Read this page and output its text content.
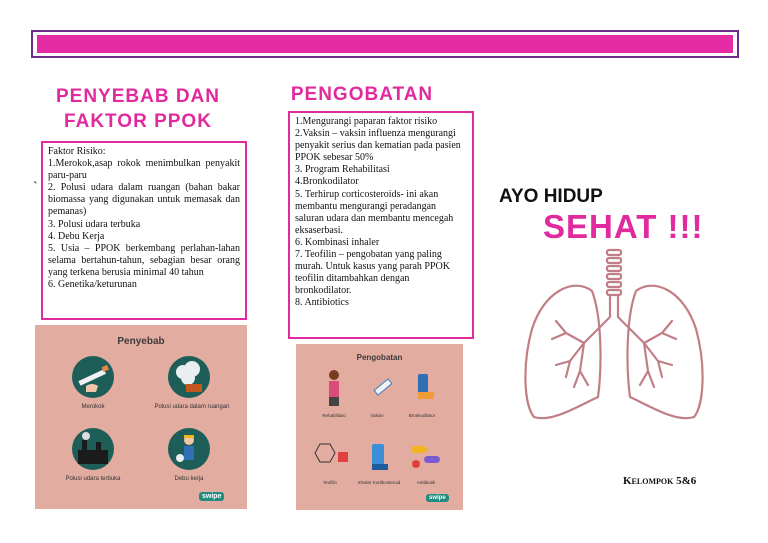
PENYEBAB DAN FAKTOR PPOK
PENGOBATAN
`

Faktor Risiko:

1.Merokok,asap rokok menimbulkan penyakit paru-paru

2. Polusi udara dalam ruangan (bahan bakar biomassa yang digunakan untuk memasak dan pemanas)

3. Polusi udara terbuka

4. Debu Kerja

5. Usia – PPOK berkembang perlahan-lahan selama bertahun-tahun, sebagian besar orang yang terkena berusia minimal 40 tahun

6. Genetika/keturunan

1.Mengurangi paparan faktor risiko

2.Vaksin – vaksin influenza mengurangi penyakit serius dan kematian pada pasien PPOK sebesar 50%

3. Program Rehabilitasi

4.Bronkodilator

5. Terhirup corticosteroids- ini akan membantu mengurangi peradangan saluran udara dan membantu mencegah eksaserbasi.

6. Kombinasi inhaler

7. Teofilin – pengobatan yang paling murah. Untuk kasus yang parah PPOK teofilin ditambahkan dengan bronkodilator.

8. Antibiotics

Penyebab
Merokok	Polusi udara dalam ruangan
Polusi udara terbuka	Debu kerja
swipe
Pengobatan
Rehabilitasi	Vaksin	Bronkodilator
Teofilin	Inhaler Kortikosteroid	Antibiotik
swipe
AYO HIDUP
SEHAT !!!
Kelompok 5&6
